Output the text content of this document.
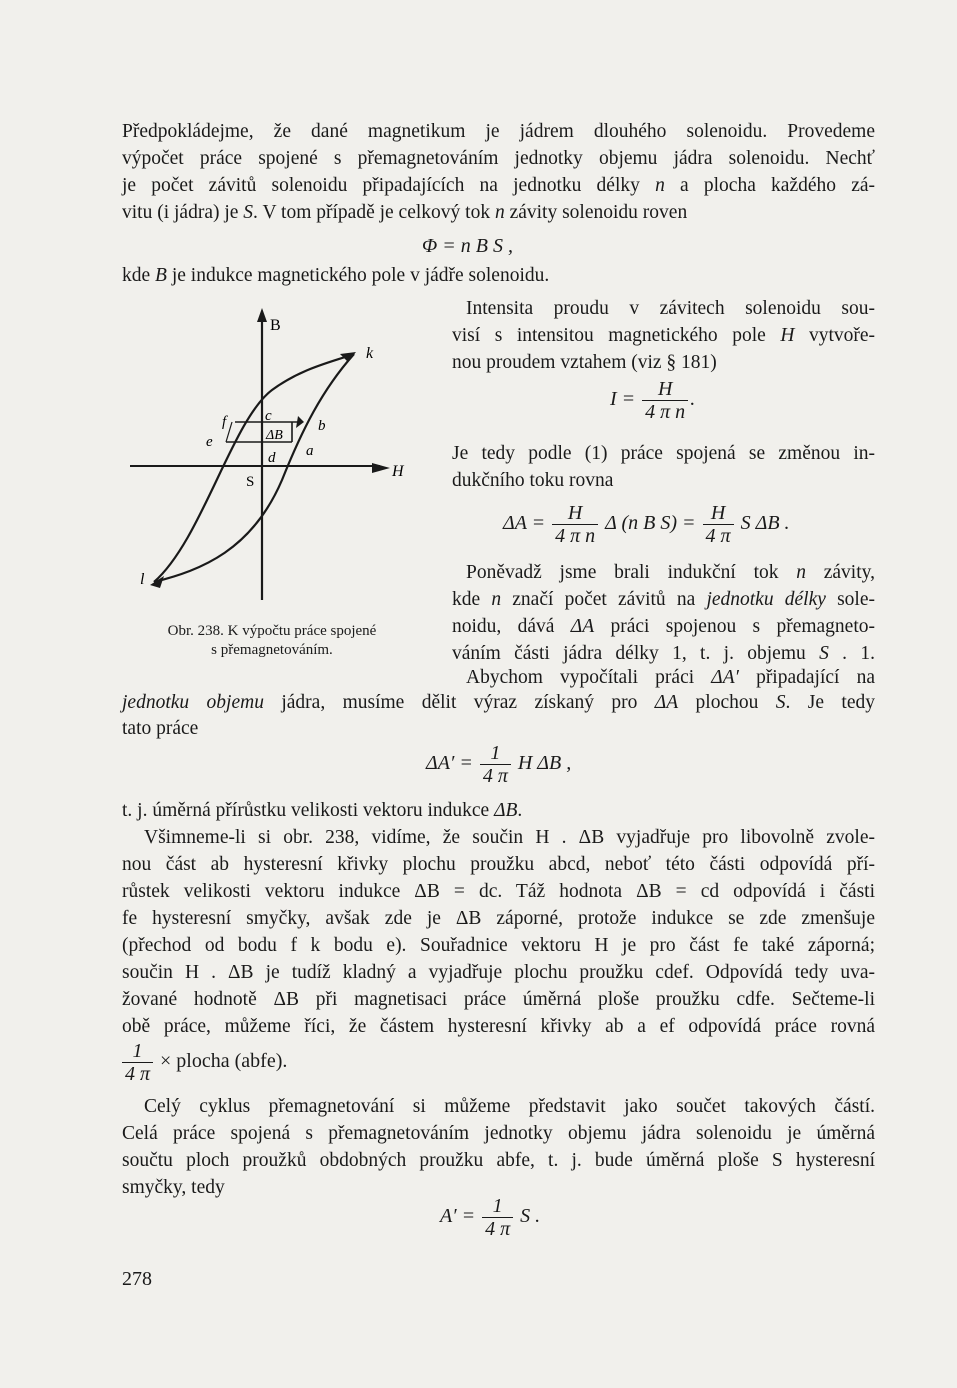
Předpokládejme, že dané magnetikum je jádrem dlouhého solenoidu. Provedeme
výpočet práce spojené s přemagnetováním jednotky objemu jádra solenoidu. Nechť
je počet závitů solenoidu připadajících na jednotku délky n a plocha každého zá-
vitu (i jádra) je S. V tom případě je celkový tok n závity solenoidu roven
Φ = n B S ,
kde B je indukce magnetického pole v jádře solenoidu.
B
k
H
f	c
b
ΔB
e
a
d
S
l
Obr. 238. K výpočtu práce spojené
s přemagnetováním.
Intensita proudu v závitech solenoidu sou-
visí s intensitou magnetického pole H vytvoře-
nou proudem vztahem (viz § 181)
$I = \frac{H}{\text{4 π n}}$ .
Je tedy podle (1) práce spojená se změnou in-
dukčního toku rovna
$\Delta A = \frac{H}{\text{4 π n}}$ Δ (n B $S) = \frac{H}{4 \pi}$ S ΔB .
Poněvadž jsme brali indukční tok n závity,
kde n značí počet závitů na jednotku délky sole-
noidu, dává ΔA práci spojenou s přemagneto-
váním části jádra délky 1, t. j. objemu S . 1.
Abychom vypočítali práci ΔA′ připadající na
jednotku objemu jádra, musíme dělit výraz získaný pro ΔA plochou S. Je tedy
tato práce
$\Delta A' = \frac{1}{4 \pi}$ H ΔB ,
t. j. úměrná přírůstku velikosti vektoru indukce ΔB.
Všimneme-li si obr. 238, vidíme, že součin H . ΔB vyjadřuje pro libovolně zvole-
nou část ab hysteresní křivky plochu proužku abcd, neboť této části odpovídá pří-
růstek velikosti vektoru indukce ΔB = dc. Táž hodnota ΔB = cd odpovídá i části
fe hysteresní smyčky, avšak zde je ΔB záporné, protože indukce se zde zmenšuje
(přechod od bodu f k bodu e). Souřadnice vektoru H je pro část fe také záporná;
součin H . ΔB je tudíž kladný a vyjadřuje plochu proužku cdef. Odpovídá tedy uva-
žované hodnotě ΔB při magnetisaci práce úměrná ploše proužku cdfe. Sečteme-li
obě práce, můžeme říci, že částem hysteresní křivky ab a ef odpovídá práce rovná
$\frac{1}{4 \pi}$ × plocha (abfe).
Celý cyklus přemagnetování si můžeme představit jako součet takových částí.
Celá práce spojená s přemagnetováním jednotky objemu jádra solenoidu je úměrná
součtu ploch proužků obdobných proužku abfe, t. j. bude úměrná ploše S hysteresní
smyčky, tedy
$A' = \frac{1}{4 \pi}$ S .
278
